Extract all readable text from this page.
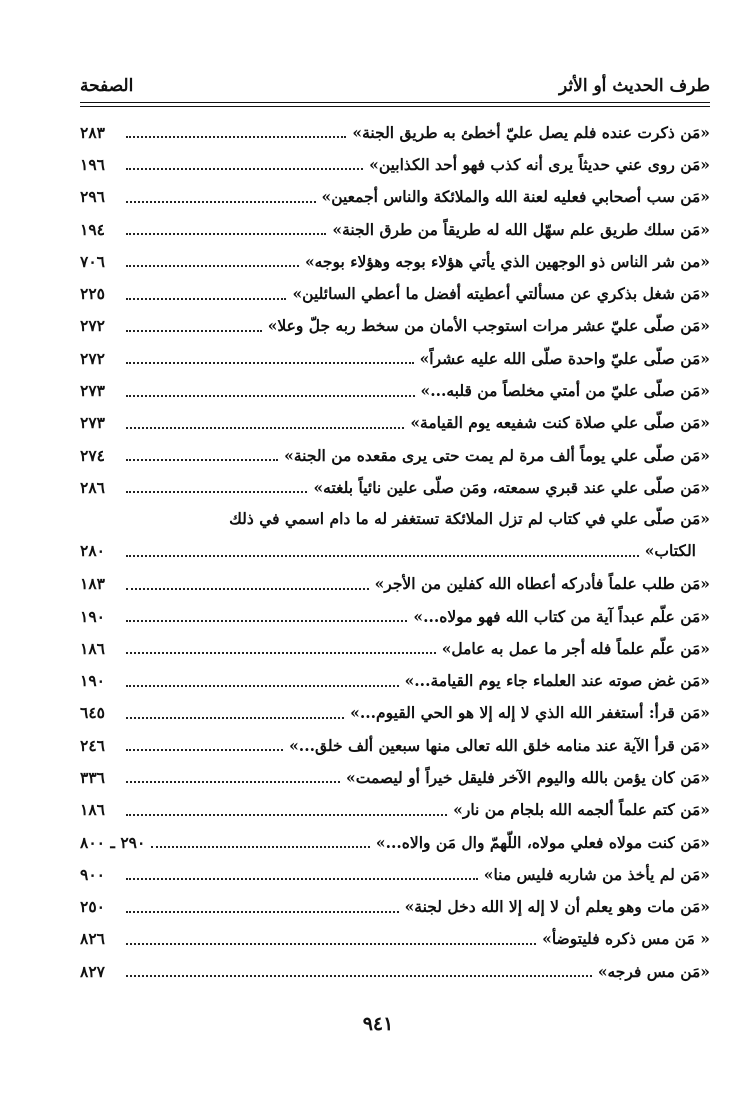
طرف الحديث أو الأثر
الصفحة
«مَن ذكرت عنده فلم يصل عليّ أخطئ به طريق الجنة»
٢٨٣
«مَن روى عني حديثاً يرى أنه كذب فهو أحد الكذابين»
١٩٦
«مَن سب أصحابي فعليه لعنة الله والملائكة والناس أجمعين»
٢٩٦
«مَن سلك طريق علم سهّل الله له طريقاً من طرق الجنة»
١٩٤
«من شر الناس ذو الوجهين الذي يأتي هؤلاء بوجه وهؤلاء بوجه»
٧٠٦
«مَن شغل بذكري عن مسألتي أعطيته أفضل ما أعطي السائلين»
٢٢٥
«مَن صلّى عليّ عشر مرات استوجب الأمان من سخط ربه جلّ وعلا»
٢٧٢
«مَن صلّى عليّ واحدة صلّى الله عليه عشراً»
٢٧٢
«مَن صلّى عليّ من أمتي مخلصاً من قلبه...»
٢٧٣
«مَن صلّى علي صلاة كنت شفيعه يوم القيامة»
٢٧٣
«مَن صلّى علي يوماً ألف مرة لم يمت حتى يرى مقعده من الجنة»
٢٧٤
«مَن صلّى علي عند قبري سمعته، ومَن صلّى علين نائياً بلغته»
٢٨٦
«مَن صلّى علي في كتاب لم تزل الملائكة تستغفر له ما دام اسمي في ذلك
الكتاب»
٢٨٠
«مَن طلب علماً فأدركه أعطاه الله كفلين من الأجر»
١٨٣
«مَن علّم عبداً آية من كتاب الله فهو مولاه...»
١٩٠
«مَن علّم علماً فله أجر ما عمل به عامل»
١٨٦
«مَن غض صوته عند العلماء جاء يوم القيامة...»
١٩٠
«مَن قرأ: أستغفر الله الذي لا إله إلا هو الحي القيوم...»
٦٤٥
«مَن قرأ الآية عند منامه خلق الله تعالى منها سبعين ألف خلق...»
٢٤٦
«مَن كان يؤمن بالله واليوم الآخر فليقل خيراً أو ليصمت»
٣٣٦
«مَن كتم علماً ألجمه الله بلجام من نار»
١٨٦
«مَن كنت مولاه فعلي مولاه، اللّهمّ وال مَن والاه...»
٢٩٠ ـ ٨٠٠
«مَن لم يأخذ من شاربه فليس منا»
٩٠٠
«مَن مات وهو يعلم أن لا إله إلا الله دخل لجنة»
٢٥٠
« مَن مس ذكره فليتوضأ»
٨٢٦
«مَن مس فرجه»
٨٢٧
٩٤١
